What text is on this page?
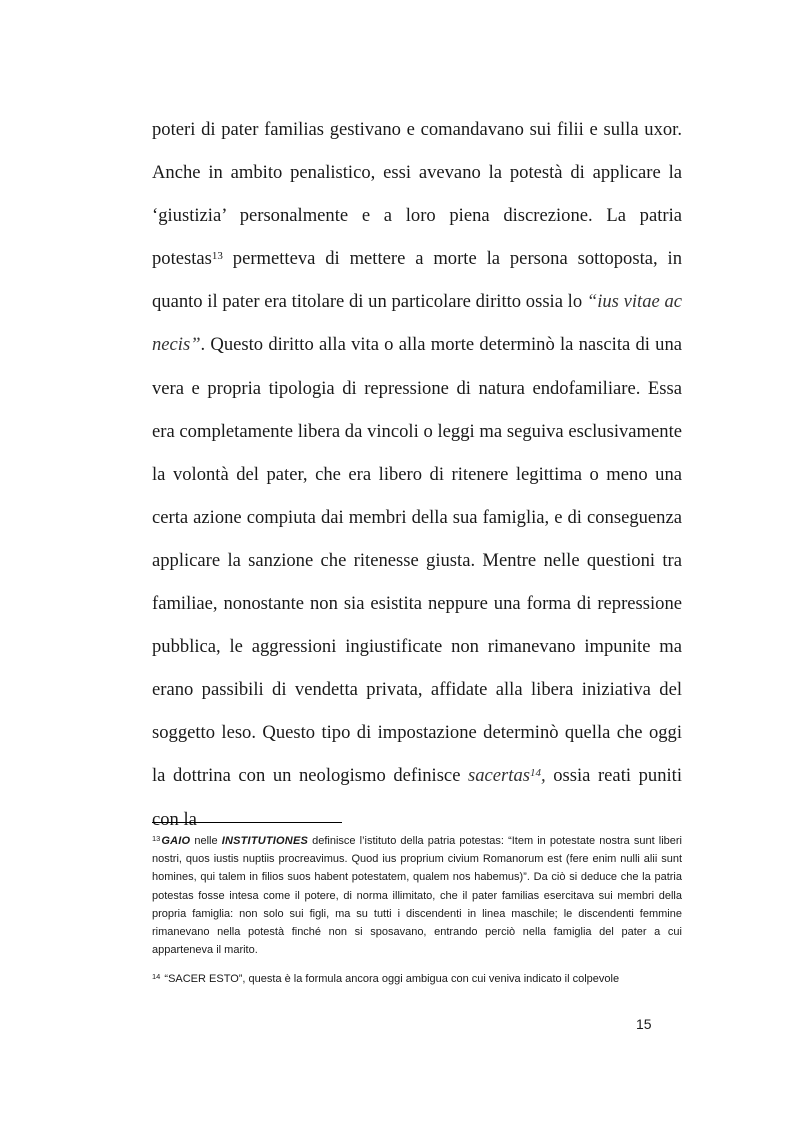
poteri di pater familias gestivano e comandavano sui filii e sulla uxor. Anche in ambito penalistico, essi avevano la potestà di applicare la ‘giustizia’ personalmente e a loro piena discrezione. La patria potestas$^{13}$ permetteva di mettere a morte la persona sottoposta, in quanto il pater era titolare di un particolare diritto ossia lo “ius vitae ac necis”. Questo diritto alla vita o alla morte determinò la nascita di una vera e propria tipologia di repressione di natura endofamiliare. Essa era completamente libera da vincoli o leggi ma seguiva esclusivamente la volontà del pater, che era libero di ritenere legittima o meno una certa azione compiuta dai membri della sua famiglia, e di conseguenza applicare la sanzione che ritenesse giusta. Mentre nelle questioni tra familiae, nonostante non sia esistita neppure una forma di repressione pubblica, le aggressioni ingiustificate non rimanevano impunite ma erano passibili di vendetta privata, affidate alla libera iniziativa del soggetto leso. Questo tipo di impostazione determinò quella che oggi la dottrina con un neologismo definisce sacertas$^{14}$, ossia reati puniti con la

$^{13}$GAIO nelle INSTITUTIONES definisce l’istituto della patria potestas: “Item in potestate nostra sunt liberi nostri, quos iustis nuptiis procreavimus. Quod ius proprium civium Romanorum est (fere enim nulli alii sunt homines, qui talem in filios suos habent potestatem, qualem nos habemus)”. Da ciò si deduce che la patria potestas fosse intesa come il potere, di norma illimitato, che il pater familias esercitava sui membri della propria famiglia: non solo sui figli, ma su tutti i discendenti in linea maschile; le discendenti femmine rimanevano nella potestà finché non si sposavano, entrando perciò nella famiglia del pater a cui apparteneva il marito.

$^{14}$ “SACER ESTO”, questa è la formula ancora oggi ambigua con cui veniva indicato il colpevole

15
